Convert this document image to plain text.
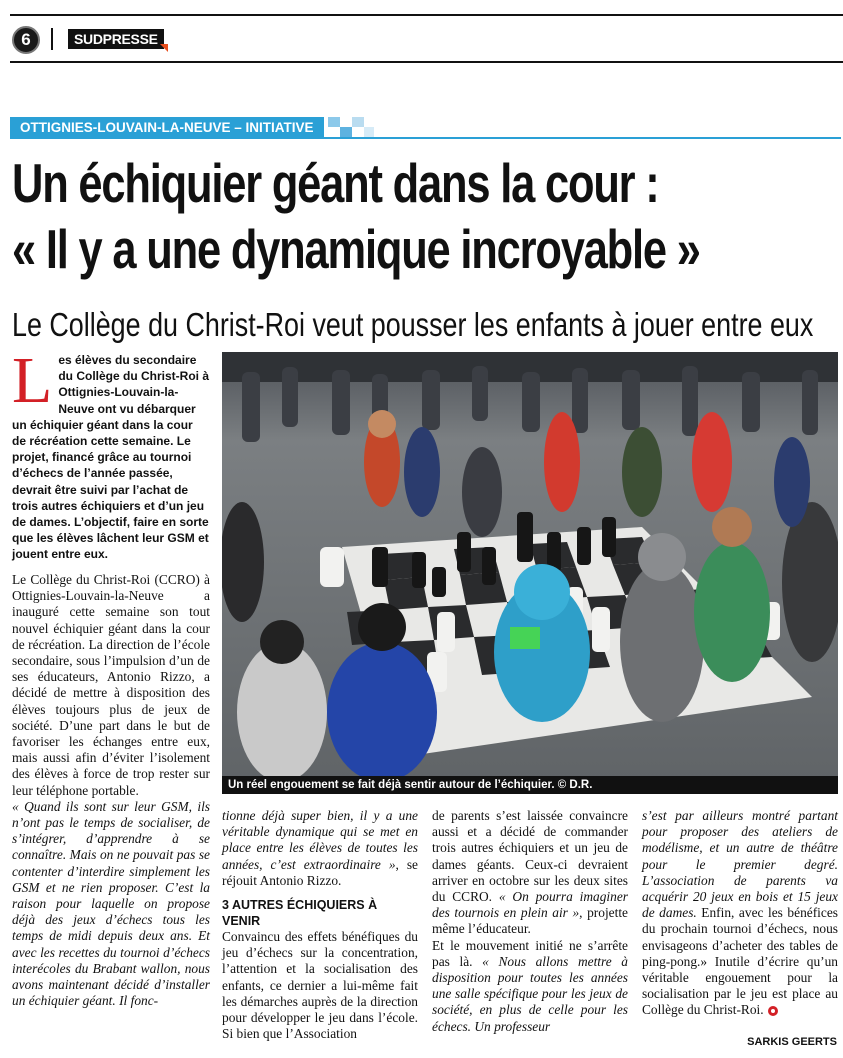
6	SUDPRESSE
OTTIGNIES-LOUVAIN-LA-NEUVE – INITIATIVE
Un échiquier géant dans la cour :
« Il y a une dynamique incroyable »
Le Collège du Christ-Roi veut pousser les enfants à jouer entre eux
Les élèves du secondaire du Collège du Christ-Roi à Ottignies-Louvain-la-Neuve ont vu débarquer un échiquier géant dans la cour de récréation cette semaine. Le projet, financé grâce au tournoi d’échecs de l’année passée, devrait être suivi par l’achat de trois autres échiquiers et d’un jeu de dames. L’objectif, faire en sorte que les élèves lâchent leur GSM et jouent entre eux.
Un réel engouement se fait déjà sentir autour de l’échiquier. © D.R.

Le Collège du Christ-Roi (CCRO) à Ottignies-Louvain-la-Neuve a inauguré cette semaine son tout nouvel échiquier géant dans la cour de récréation. La direction de l’école secondaire, sous l’impulsion d’un de ses éducateurs, Antonio Rizzo, a décidé de mettre à disposition des élèves toujours plus de jeux de société. D’une part dans le but de favoriser les échanges entre eux, mais aussi afin d’éviter l’isolement des élèves à force de trop rester sur leur téléphone portable.

« Quand ils sont sur leur GSM, ils n’ont pas le temps de socialiser, de s’intégrer, d’apprendre à se connaître. Mais on ne pouvait pas se contenter d’interdire simplement les GSM et ne rien proposer. C’est la raison pour laquelle on propose déjà des jeux d’échecs tous les temps de midi depuis deux ans. Et avec les recettes du tournoi d’échecs interécoles du Brabant wallon, nous avons maintenant décidé d’installer un échiquier géant. Il fonc-

tionne déjà super bien, il y a une véritable dynamique qui se met en place entre les élèves de toutes les années, c’est extraordinaire », se réjouit Antonio Rizzo.

3 AUTRES ÉCHIQUIERS À VENIR

Convaincu des effets bénéfiques du jeu d’échecs sur la concentration, l’attention et la socialisation des enfants, ce dernier a lui-même fait les démarches auprès de la direction pour développer le jeu dans l’école. Si bien que l’Association

de parents s’est laissée convaincre aussi et a décidé de commander trois autres échiquiers et un jeu de dames géants. Ceux-ci devraient arriver en octobre sur les deux sites du CCRO. « On pourra imaginer des tournois en plein air », projette même l’éducateur.

Et le mouvement initié ne s’arrête pas là. « Nous allons mettre à disposition pour toutes les années une salle spécifique pour les jeux de société, en plus de celle pour les échecs. Un professeur

s’est par ailleurs montré partant pour proposer des ateliers de modélisme, et un autre de théâtre pour le premier degré. L’association de parents va acquérir 20 jeux en bois et 15 jeux de dames. Enfin, avec les bénéfices du prochain tournoi d’échecs, nous envisageons d’acheter des tables de ping-pong.» Inutile d’écrire qu’un véritable engouement pour la socialisation par le jeu est place au Collège du Christ-Roi.

SARKIS GEERTS
